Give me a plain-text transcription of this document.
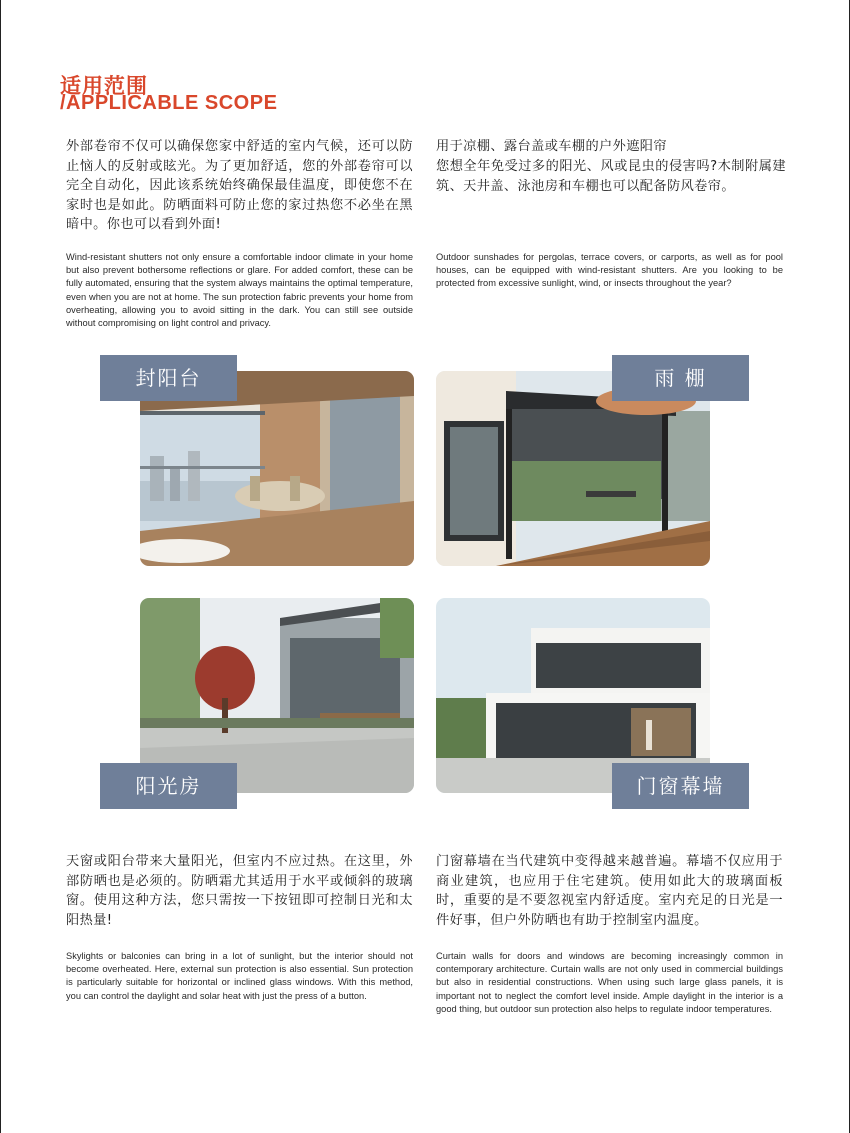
适用范围
/APPLICABLE SCOPE
外部卷帘不仅可以确保您家中舒适的室内气候，还可以防止恼人的反射或眩光。为了更加舒适，您的外部卷帘可以完全自动化，因此该系统始终确保最佳温度，即使您不在家时也是如此。防晒面料可防止您的家过热您不必坐在黑暗中。你也可以看到外面!
Wind-resistant shutters not only ensure a comfortable indoor climate in your home but also prevent bothersome reflections or glare. For added comfort, these can be fully automated, ensuring that the system always maintains the optimal temperature, even when you are not at home. The sun protection fabric prevents your home from overheating, allowing you to avoid sitting in the dark. You can still see outside without compromising on light control and privacy.
用于凉棚、露台盖或车棚的户外遮阳帘
您想全年免受过多的阳光、风或昆虫的侵害吗?木制附属建筑、天井盖、泳池房和车棚也可以配备防风卷帘。
Outdoor sunshades for pergolas, terrace covers, or carports, as well as for pool houses, can be equipped with wind-resistant shutters. Are you looking to be protected from excessive sunlight, wind, or insects throughout the year?
封阳台	雨 棚
阳光房	门窗幕墙
天窗或阳台带来大量阳光，但室内不应过热。在这里，外部防晒也是必须的。防晒霜尤其适用于水平或倾斜的玻璃窗。使用这种方法，您只需按一下按钮即可控制日光和太阳热量!
Skylights or balconies can bring in a lot of sunlight, but the interior should not become overheated. Here, external sun protection is also essential. Sun protection is particularly suitable for horizontal or inclined glass windows. With this method, you can control the daylight and solar heat with just the press of a button.
门窗幕墙在当代建筑中变得越来越普遍。幕墙不仅应用于商业建筑，也应用于住宅建筑。使用如此大的玻璃面板时，重要的是不要忽视室内舒适度。室内充足的日光是一件好事，但户外防晒也有助于控制室内温度。
Curtain walls for doors and windows are becoming increasingly common in contemporary architecture. Curtain walls are not only used in commercial buildings but also in residential constructions. When using such large glass panels, it is important not to neglect the comfort level inside. Ample daylight in the interior is a good thing, but outdoor sun protection also helps to regulate indoor temperatures.
